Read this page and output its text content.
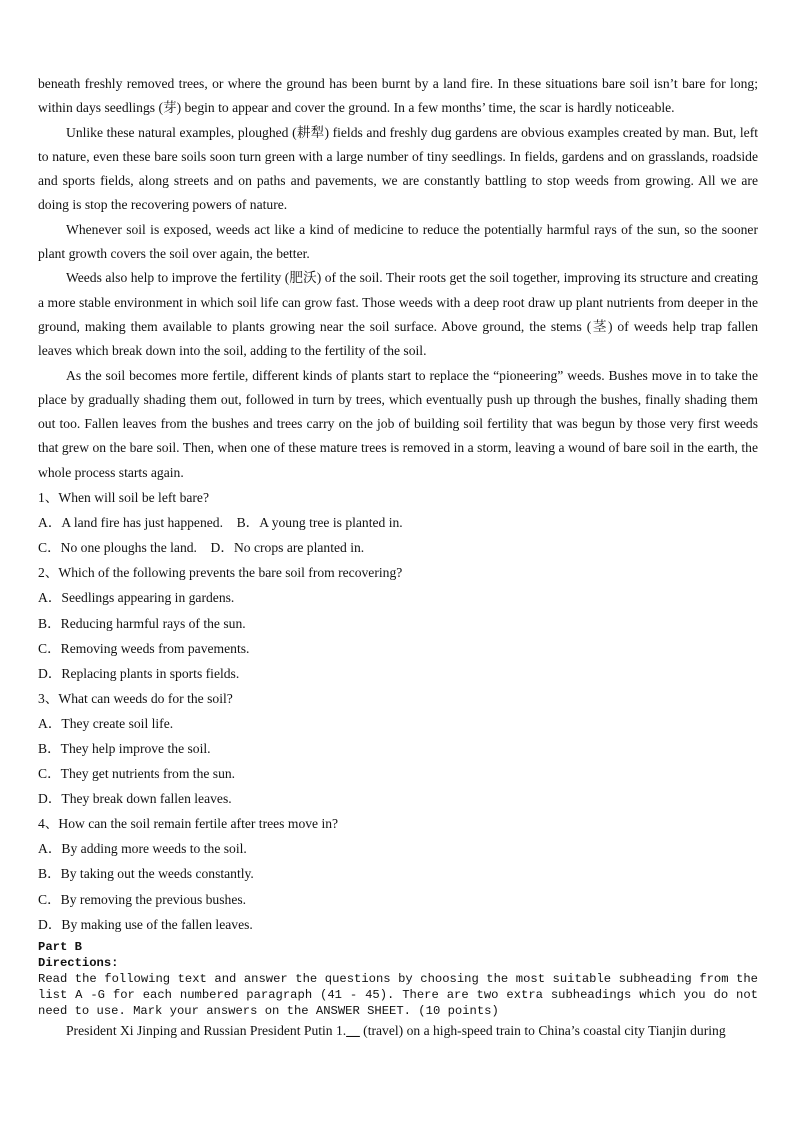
beneath freshly removed trees, or where the ground has been burnt by a land fire. In these situations bare soil isn’t bare for long; within days seedlings (芽) begin to appear and cover the ground. In a few months’ time, the scar is hardly noticeable.

Unlike these natural examples, ploughed (耕犁) fields and freshly dug gardens are obvious examples created by man. But, left to nature, even these bare soils soon turn green with a large number of tiny seedlings. In fields, gardens and on grasslands, roadside and sports fields, along streets and on paths and pavements, we are constantly battling to stop weeds from growing. All we are doing is stop the recovering powers of nature.

Whenever soil is exposed, weeds act like a kind of medicine to reduce the potentially harmful rays of the sun, so the sooner plant growth covers the soil over again, the better.

Weeds also help to improve the fertility (肥沃) of the soil. Their roots get the soil together, improving its structure and creating a more stable environment in which soil life can grow fast. Those weeds with a deep root draw up plant nutrients from deeper in the ground, making them available to plants growing near the soil surface. Above ground, the stems (茎) of weeds help trap fallen leaves which break down into the soil, adding to the fertility of the soil.

As the soil becomes more fertile, different kinds of plants start to replace the “pioneering” weeds. Bushes move in to take the place by gradually shading them out, followed in turn by trees, which eventually push up through the bushes, finally shading them out too. Fallen leaves from the bushes and trees carry on the job of building soil fertility that was begun by those very first weeds that grew on the bare soil. Then, when one of these mature trees is removed in a storm, leaving a wound of bare soil in the earth, the whole process starts again.

1、When will soil be left bare?

A．A land fire has just happened.    B．A young tree is planted in.

C．No one ploughs the land.    D．No crops are planted in.

2、Which of the following prevents the bare soil from recovering?

A．Seedlings appearing in gardens.

B．Reducing harmful rays of the sun.

C．Removing weeds from pavements.

D．Replacing plants in sports fields.

3、What can weeds do for the soil?

A．They create soil life.

B．They help improve the soil.

C．They get nutrients from the sun.

D．They break down fallen leaves.

4、How can the soil remain fertile after trees move in?

A．By adding more weeds to the soil.

B．By taking out the weeds constantly.

C．By removing the previous bushes.

D．By making use of the fallen leaves.

Part B

Directions:

Read the following text and answer the questions by choosing the most suitable subheading from the list A -G for each numbered paragraph (41 - 45). There are two extra subheadings which you do not need to use. Mark your answers on the ANSWER SHEET. (10 points)

President Xi Jinping and Russian President Putin 1.__ (travel) on a high-speed train to China’s coastal city Tianjin during
